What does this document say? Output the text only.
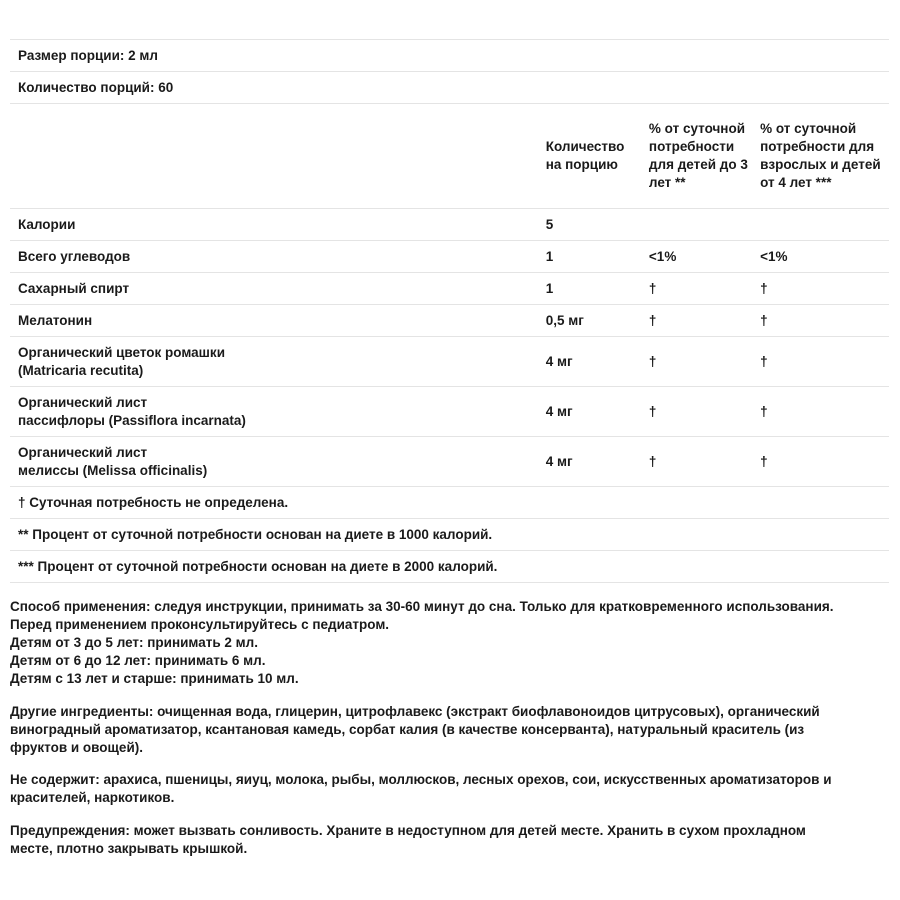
Размер порции: 2 мл			
Количество порций: 60			
	Количество на порцию	% от суточной потребности для детей до 3 лет **	% от суточной потребности для взрослых и детей от 4 лет ***
Калории	5		
Всего углеводов	1	<1%	<1%
Сахарный спирт	1	†	†
Мелатонин	0,5 мг	†	†

Органический цветок ромашки
(Matricaria recutita)	4 мг	†	†

Органический лист
пассифлоры (Passiflora incarnata)	4 мг	†	†

Органический лист
мелиссы (Melissa officinalis)	4 мг	†	†
† Суточная потребность не определена.			
** Процент от суточной потребности основан на диете в 1000 калорий.			
*** Процент от суточной потребности основан на диете в 2000 калорий.			

Способ применения: следуя инструкции, принимать за 30-60 минут до сна. Только для кратковременного использования.

Перед применением проконсультируйтесь с педиатром.

Детям от 3 до 5 лет: принимать 2 мл.

Детям от 6 до 12 лет: принимать 6 мл.

Детям с 13 лет и старше: принимать 10 мл.

Другие ингредиенты: очищенная вода, глицерин, цитрофлавекс (экстракт биофлавоноидов цитрусовых), органический

виноградный ароматизатор, ксантановая камедь, сорбат калия (в качестве консерванта), натуральный краситель (из

фруктов и овощей).

Не содержит: арахиса, пшеницы, яиуц, молока, рыбы, моллюсков, лесных орехов, сои, искусственных ароматизаторов и

красителей, наркотиков.

Предупреждения: может вызвать сонливость. Храните в недоступном для детей месте. Хранить в сухом прохладном

месте, плотно закрывать крышкой.
